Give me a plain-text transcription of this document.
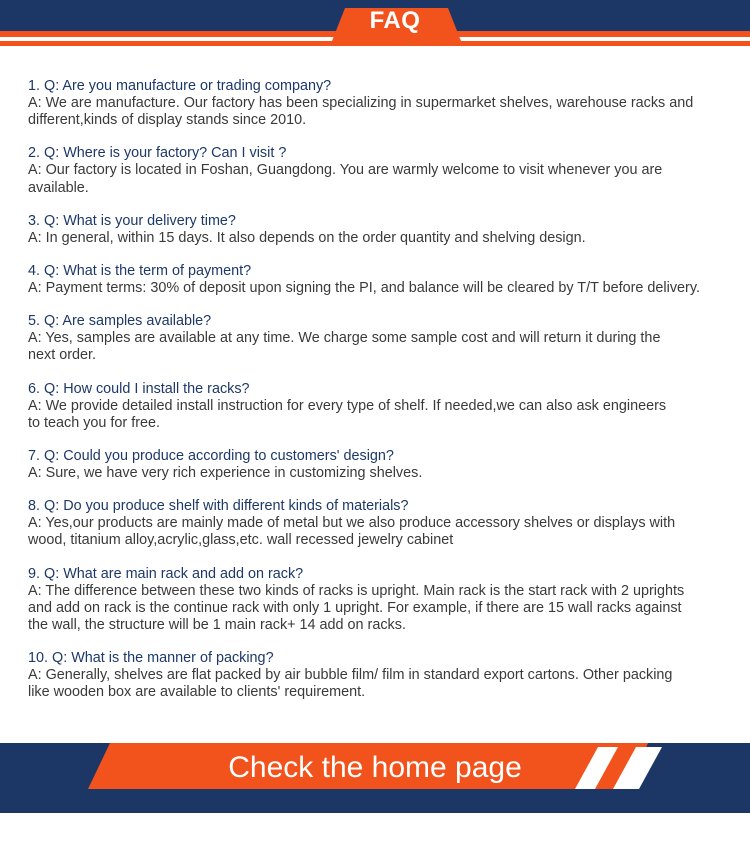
FAQ

1. Q: Are you manufacture or trading company?

A: We are manufacture. Our factory has been specializing in supermarket shelves, warehouse racks and
different,kinds of display stands since 2010.

2. Q: Where is your factory? Can I visit ?

A: Our factory is located in Foshan, Guangdong. You are warmly welcome to visit whenever you are
available.

3. Q: What is your delivery time?

A: In general, within 15 days. It also depends on the order quantity and shelving design.

4. Q: What is the term of payment?

A: Payment terms: 30% of deposit upon signing the PI, and balance will be cleared by T/T before delivery.

5. Q: Are samples available?

A: Yes, samples are available at any time. We charge some sample cost and will return it during the
next order.

6. Q: How could I install the racks?

A: We provide detailed install instruction for every type of shelf. If needed,we can also ask engineers
to teach you for free.

7. Q: Could you produce according to customers' design?

A: Sure, we have very rich experience in customizing shelves.

8. Q: Do you produce shelf with different kinds of materials?

A: Yes,our products are mainly made of metal but we also produce accessory shelves or displays with
wood, titanium alloy,acrylic,glass,etc. wall recessed jewelry cabinet

9. Q: What are main rack and add on rack?

A: The difference between these two kinds of racks is upright. Main rack is the start rack with 2 uprights
and add on rack is the continue rack with only 1 upright. For example, if there are 15 wall racks against
the wall, the structure will be 1 main rack+ 14 add on racks.

10. Q: What is the manner of packing?

A: Generally, shelves are flat packed by air bubble film/ film in standard export cartons. Other packing
like wooden box are available to clients' requirement.

Check the home page
